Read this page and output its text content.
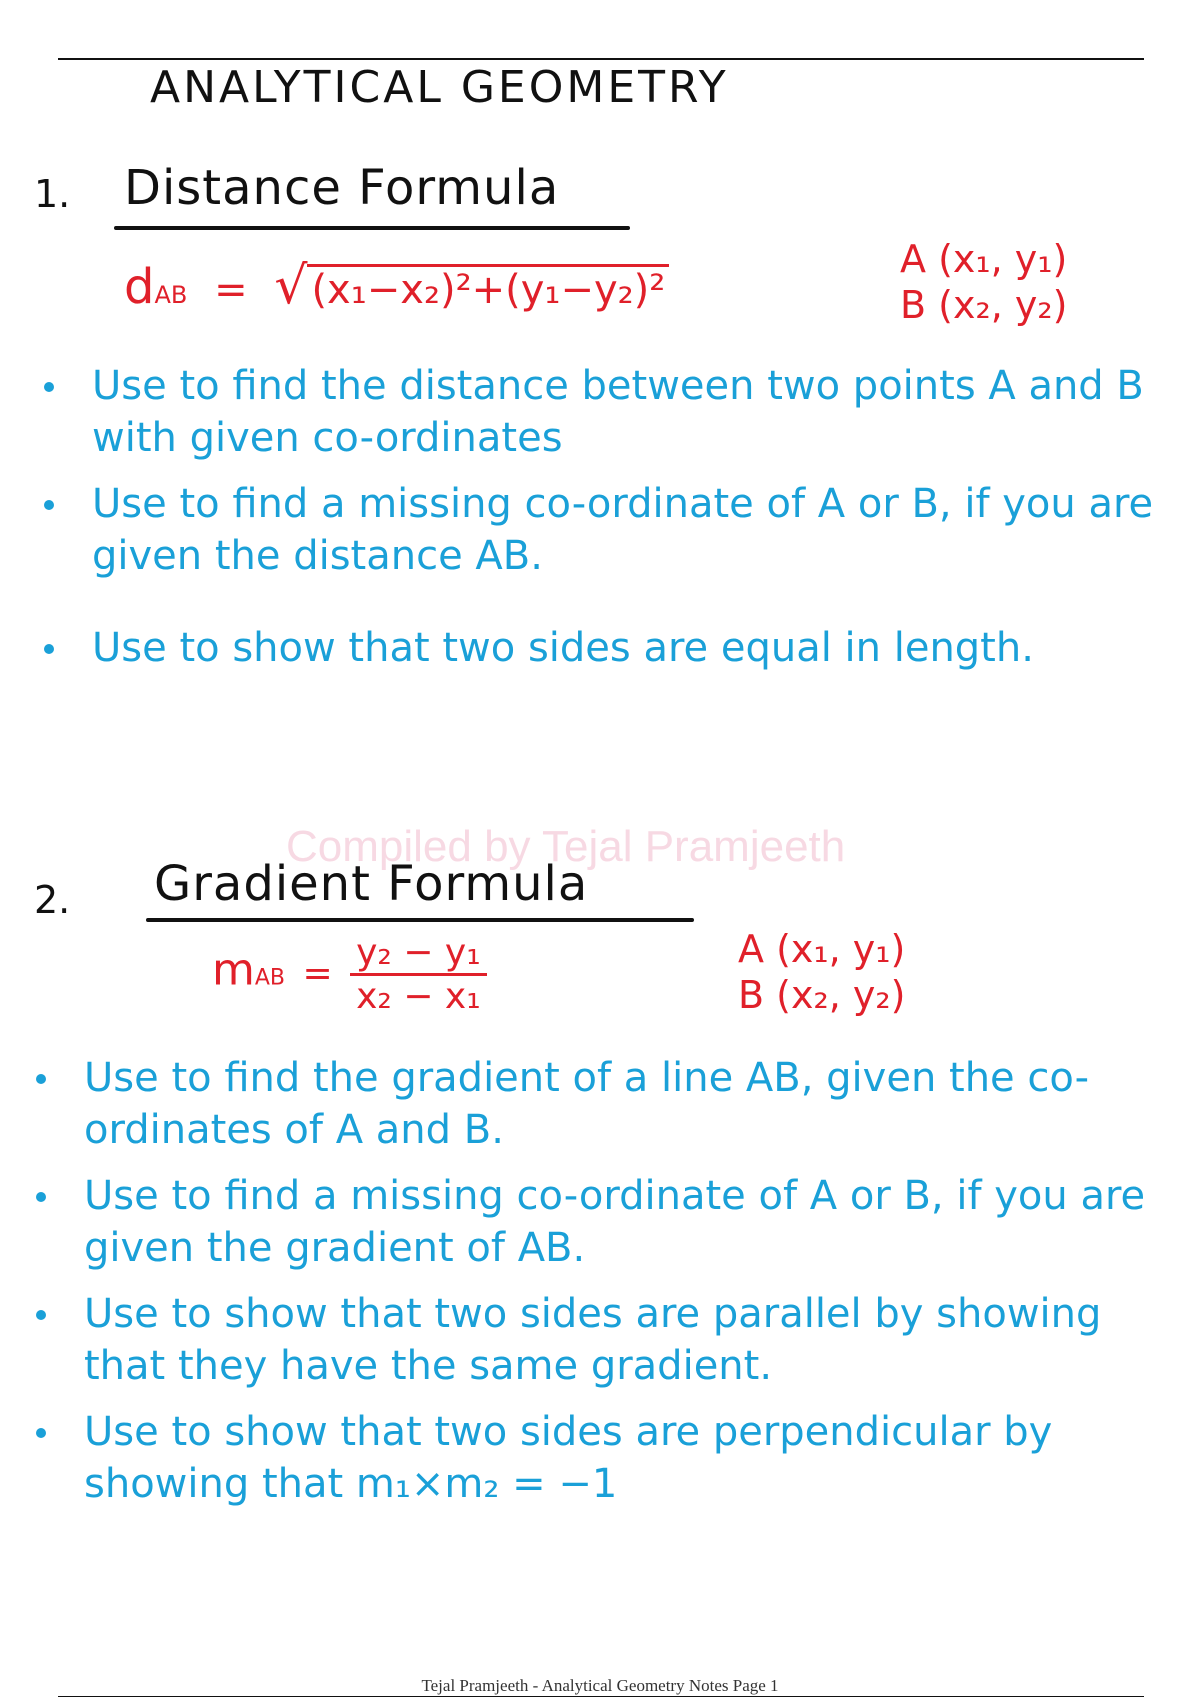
ANALYTICAL GEOMETRY
1. Distance Formula
dAB = √ (x₁−x₂)²+(y₁−y₂)²
A (x₁, y₁)
B (x₂, y₂)
Use to find the distance between two points A and B with given co-ordinates
Use to find a missing co-ordinate of A or B, if you are given the distance AB.
Use to show that two sides are equal in length.
Compiled by Tejal Pramjeeth
2. Gradient Formula
mAB = $\frac{\text{y₂ − y₁}}{\text{x₂ − x₁}}$	A (x₁, y₁)
B (x₂, y₂)
Use to find the gradient of a line AB, given the co-ordinates of A and B.
Use to find a missing co-ordinate of A or B, if you are given the gradient of AB.
Use to show that two sides are parallel by showing that they have the same gradient.
Use to show that two sides are perpendicular by showing that m₁×m₂ = −1
Tejal Pramjeeth - Analytical Geometry Notes Page 1
